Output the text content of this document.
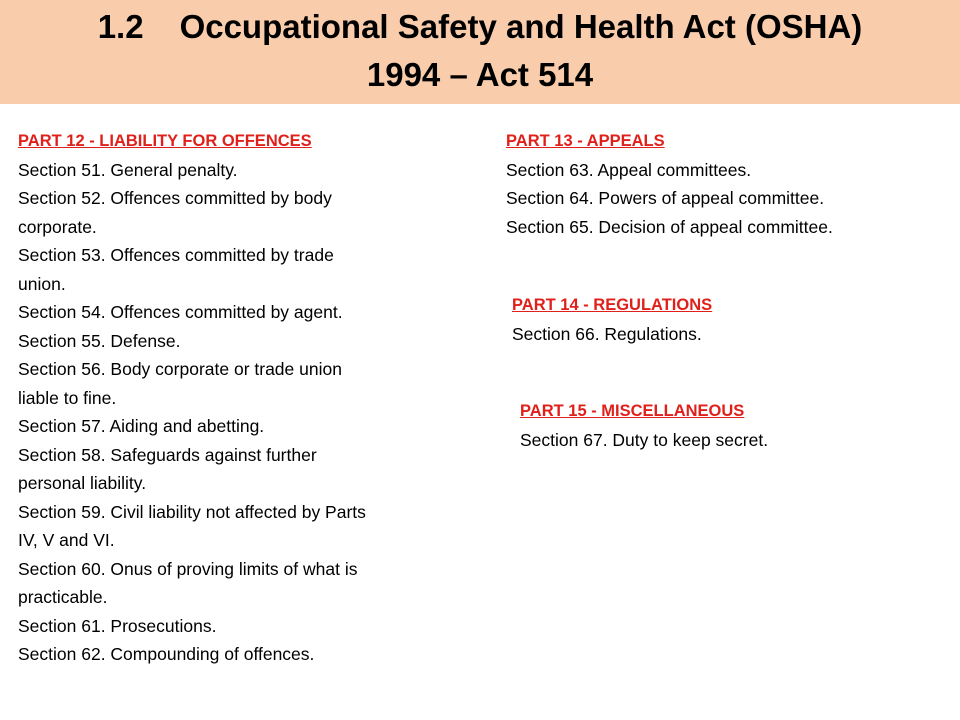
1.2 Occupational Safety and Health Act (OSHA)
1994 – Act 514
PART 12 - LIABILITY FOR OFFENCES
Section 51. General penalty.
Section 52. Offences committed by body
corporate.
Section 53. Offences committed by trade
union.
Section 54. Offences committed by agent.
Section 55. Defense.
Section 56. Body corporate or trade union
liable to fine.
Section 57. Aiding and abetting.
Section 58. Safeguards against further
personal liability.
Section 59. Civil liability not affected by Parts
IV, V and VI.
Section 60. Onus of proving limits of what is
practicable.
Section 61. Prosecutions.
Section 62. Compounding of offences.
PART 13 - APPEALS
Section 63. Appeal committees.
Section 64. Powers of appeal committee.
Section 65. Decision of appeal committee.
PART 14 - REGULATIONS
Section 66. Regulations.
PART 15 - MISCELLANEOUS
Section 67. Duty to keep secret.
